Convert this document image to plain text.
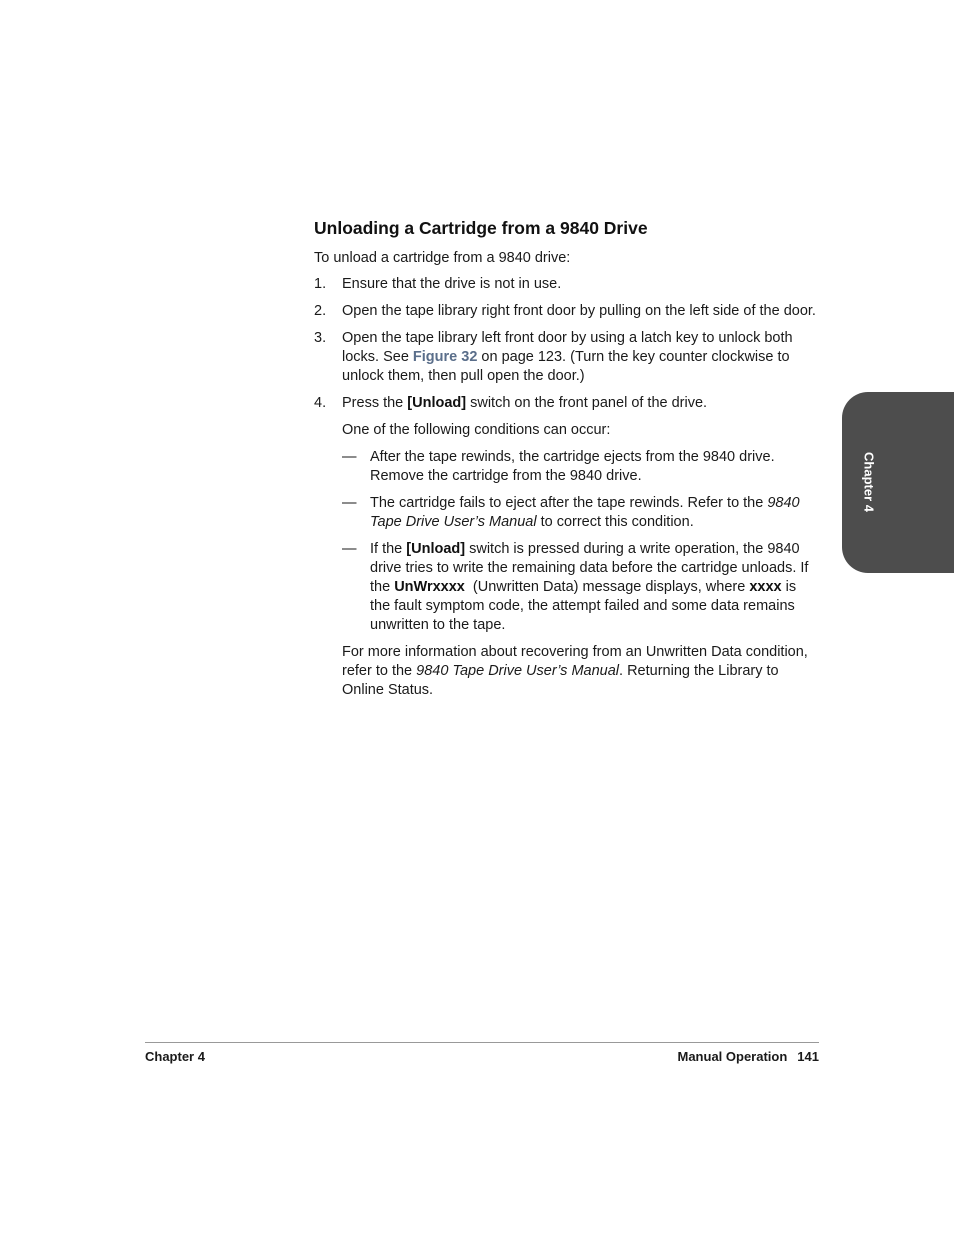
Unloading a Cartridge from a 9840 Drive

To unload a cartridge from a 9840 drive:

1. Ensure that the drive is not in use.
2. Open the tape library right front door by pulling on the left side of the door.
3. Open the tape library left front door by using a latch key to unlock both locks. See Figure 32 on page 123. (Turn the key counter clockwise to unlock them, then pull open the door.)
4. Press the [Unload] switch on the front panel of the drive.

One of the following conditions can occur:

— After the tape rewinds, the cartridge ejects from the 9840 drive. Remove the cartridge from the 9840 drive.
— The cartridge fails to eject after the tape rewinds. Refer to the 9840 Tape Drive User’s Manual to correct this condition.
— If the [Unload] switch is pressed during a write operation, the 9840 drive tries to write the remaining data before the cartridge unloads. If the UnWrxxxx  (Unwritten Data) message displays, where xxxx is the fault symptom code, the attempt failed and some data remains unwritten to the tape.

For more information about recovering from an Unwritten Data condition, refer to the 9840 Tape Drive User’s Manual. Returning the Library to Online Status.

Chapter 4
Chapter 4	Manual Operation 141
